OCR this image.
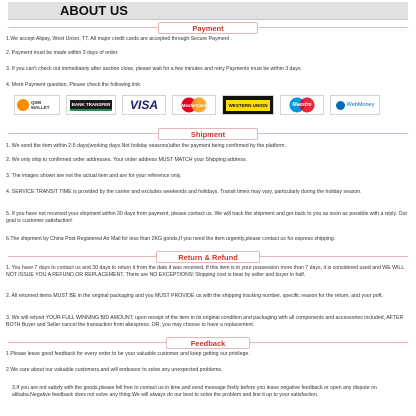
ABOUT US
Payment
1.We accept Alipay, West Union, TT. All major credit cards are accepted through Secure Payment .
2. Payment must be made within 3 days of order.
3. If you can't check out immediately after auction close, please wait for a few minutes and retry Payments must be within 3 days.
4. More Payment question, Please check the following link:
QIWI WALLET
BANK TRANSFER VISA	MasterCard	WESTERN UNION	Maestro	WebMoney
Shipment
1. We send the item within 2-5 days(working days.Not holiday seasons)after the payment being confirmed by the platform.
2. We only ship to confirmed order addresses. Your order address MUST MATCH your Shipping address.
3. The images shown are not the actual item and are for your reference only.
4. SERVICE TRANSIT TIME is provided by the carrier and excludes weekends and holidays. Transit times may vary, particularly during the holiday season.
5. If you have not received your shipment within 30 days from payment, please contact us. We will track the shipment and get back to you as soon as possible with a reply. Our goal is customer satisfaction!
6.The shipment by China Post Registered Air Mail for less than 2KG goods,If you need the item urgently,please contact us for express shipping.
Return & Refund
1. You have 7 days to contact us and 30 days to return it from the date it was received. If this item is in your possession more than 7 days, it is considered used and WE WILL NOT ISSUE YOU A REFUND OR REPLACEMENT. There are NO EXCEPTIONS! Shipping cost is bear by seller and buyer in half.
2. All returned items MUST BE in the original packaging and you MUST PROVIDE us with the shipping tracking number, specific reason for the return, and your poft.
3. We will refund YOUR FULL WINNING BID AMOUNT, upon receipt of the item in its original condition and packaging with all components and accessories included, AFTER BOTH Buyer and Seller cancel the transaction from aliexpress. OR, you may choose to have a replacement.
Feedback
1.Please leave good feedback for every order to be your valuable customer and keep getting our privilege.
2.We care about our valuable customers,and will endeavor to solve any unexpected problems.
3.If you are not satisfy with the goods,please fell free to contact us in time,and send message firstly before you leave negative feedback or open any dispute on alibaba.Negative feedback does not solve any thing.We will always do our best to solve the problem and line it up to your satisfaction.
